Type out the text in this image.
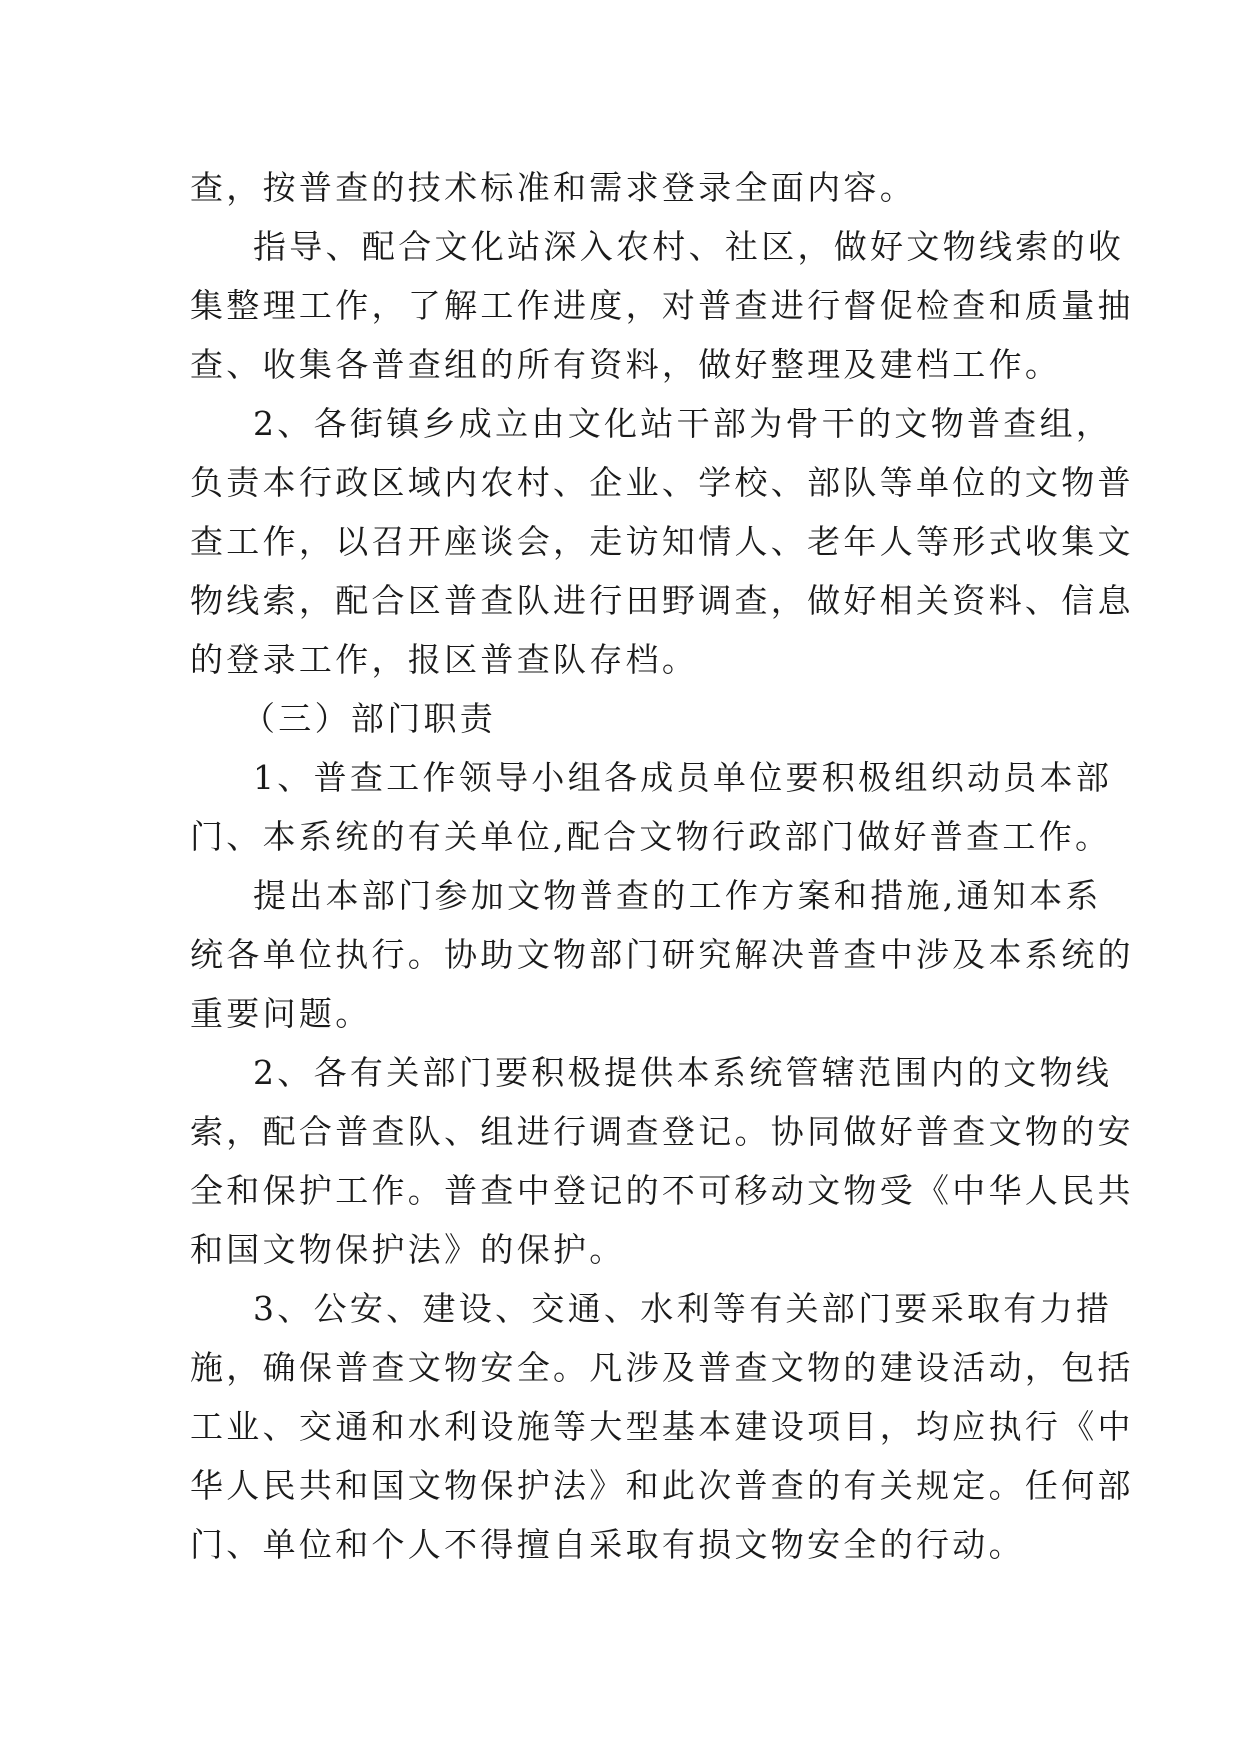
查，按普查的技术标准和需求登录全面内容。
指导、配合文化站深入农村、社区，做好文物线索的收
集整理工作，了解工作进度，对普查进行督促检查和质量抽
查、收集各普查组的所有资料，做好整理及建档工作。
2、各街镇乡成立由文化站干部为骨干的文物普查组，
负责本行政区域内农村、企业、学校、部队等单位的文物普
查工作，以召开座谈会，走访知情人、老年人等形式收集文
物线索，配合区普查队进行田野调查，做好相关资料、信息
的登录工作，报区普查队存档。
（三）部门职责
1、普查工作领导小组各成员单位要积极组织动员本部
门、本系统的有关单位,配合文物行政部门做好普查工作。
提出本部门参加文物普查的工作方案和措施,通知本系
统各单位执行。协助文物部门研究解决普查中涉及本系统的
重要问题。
2、各有关部门要积极提供本系统管辖范围内的文物线
索，配合普查队、组进行调查登记。协同做好普查文物的安
全和保护工作。普查中登记的不可移动文物受《中华人民共
和国文物保护法》的保护。
3、公安、建设、交通、水利等有关部门要采取有力措
施，确保普查文物安全。凡涉及普查文物的建设活动，包括
工业、交通和水利设施等大型基本建设项目，均应执行《中
华人民共和国文物保护法》和此次普查的有关规定。任何部
门、单位和个人不得擅自采取有损文物安全的行动。
